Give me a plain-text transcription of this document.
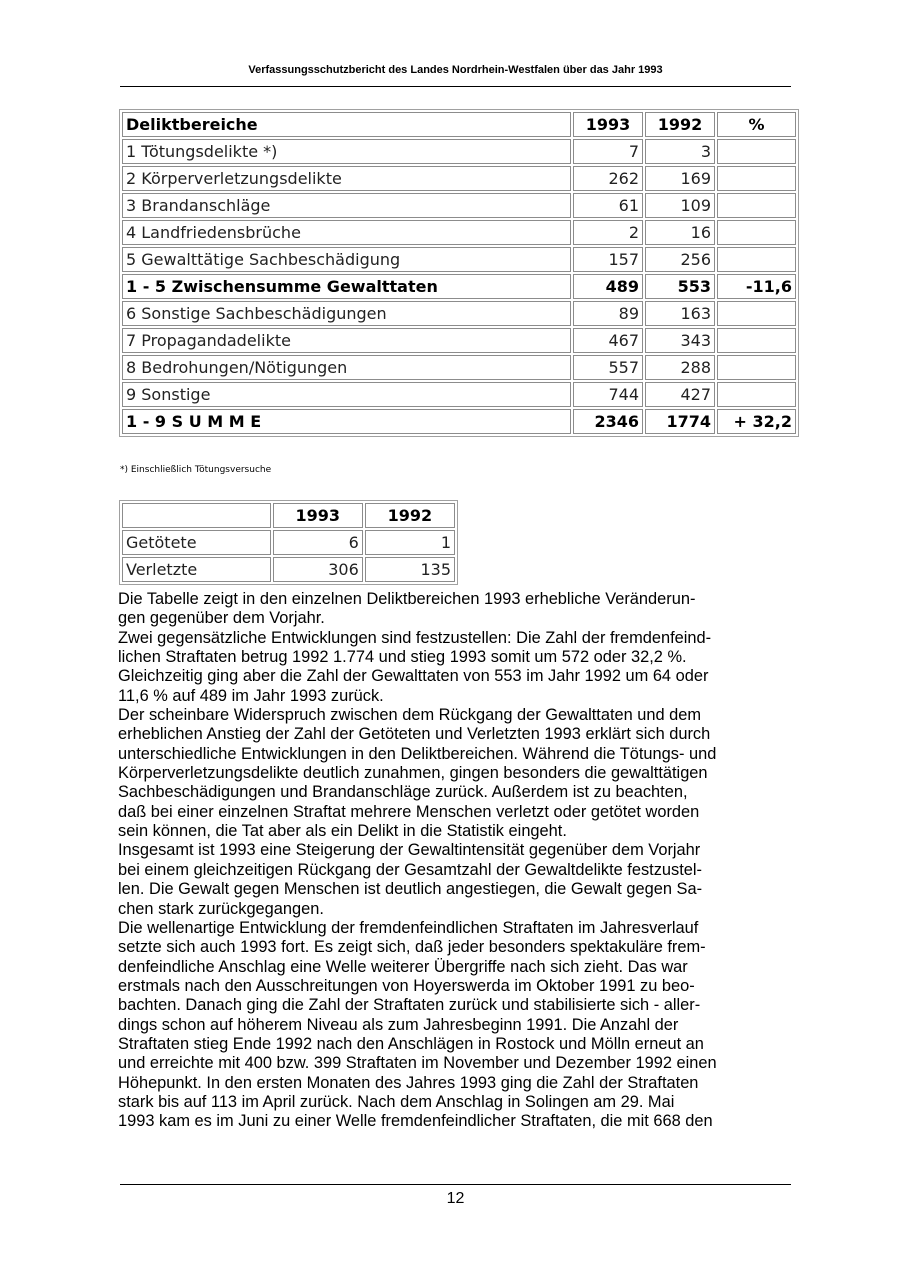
Verfassungsschutzbericht des Landes Nordrhein-Westfalen über das Jahr 1993
Deliktbereiche	1993	1992	%
1 Tötungsdelikte *)	7	3	
2 Körperverletzungsdelikte	262	169	
3 Brandanschläge	61	109	
4 Landfriedensbrüche	2	16	
5 Gewalttätige Sachbeschädigung	157	256	
1 - 5 Zwischensumme Gewalttaten	489	553	-11,6
6 Sonstige Sachbeschädigungen	89	163	
7 Propagandadelikte	467	343	
8 Bedrohungen/Nötigungen	557	288	
9 Sonstige	744	427	
1 - 9 S U M M E	2346	1774	+ 32,2
*) Einschließlich Tötungsversuche
	1993	1992
Getötete	6	1
Verletzte	306	135

Die Tabelle zeigt in den einzelnen Deliktbereichen 1993 erhebliche Veränderun-

gen gegenüber dem Vorjahr.

Zwei gegensätzliche Entwicklungen sind festzustellen: Die Zahl der fremdenfeind-

lichen Straftaten betrug 1992 1.774 und stieg 1993 somit um 572 oder 32,2 %.

Gleichzeitig ging aber die Zahl der Gewalttaten von 553 im Jahr 1992 um 64 oder

11,6 % auf 489 im Jahr 1993 zurück.

Der scheinbare Widerspruch zwischen dem Rückgang der Gewalttaten und dem

erheblichen Anstieg der Zahl der Getöteten und Verletzten 1993 erklärt sich durch

unterschiedliche Entwicklungen in den Deliktbereichen. Während die Tötungs- und

Körperverletzungsdelikte deutlich zunahmen, gingen besonders die gewalttätigen

Sachbeschädigungen und Brandanschläge zurück. Außerdem ist zu beachten,

daß bei einer einzelnen Straftat mehrere Menschen verletzt oder getötet worden

sein können, die Tat aber als ein Delikt in die Statistik eingeht.

Insgesamt ist 1993 eine Steigerung der Gewaltintensität gegenüber dem Vorjahr

bei einem gleichzeitigen Rückgang der Gesamtzahl der Gewaltdelikte festzustel-

len. Die Gewalt gegen Menschen ist deutlich angestiegen, die Gewalt gegen Sa-

chen stark zurückgegangen.

Die wellenartige Entwicklung der fremdenfeindlichen Straftaten im Jahresverlauf

setzte sich auch 1993 fort. Es zeigt sich, daß jeder besonders spektakuläre frem-

denfeindliche Anschlag eine Welle weiterer Übergriffe nach sich zieht. Das war

erstmals nach den Ausschreitungen von Hoyerswerda im Oktober 1991 zu beo-

bachten. Danach ging die Zahl der Straftaten zurück und stabilisierte sich - aller-

dings schon auf höherem Niveau als zum Jahresbeginn 1991. Die Anzahl der

Straftaten stieg Ende 1992 nach den Anschlägen in Rostock und Mölln erneut an

und erreichte mit 400 bzw. 399 Straftaten im November und Dezember 1992 einen

Höhepunkt. In den ersten Monaten des Jahres 1993 ging die Zahl der Straftaten

stark bis auf 113 im April zurück. Nach dem Anschlag in Solingen am 29. Mai

1993 kam es im Juni zu einer Welle fremdenfeindlicher Straftaten, die mit 668 den

12
